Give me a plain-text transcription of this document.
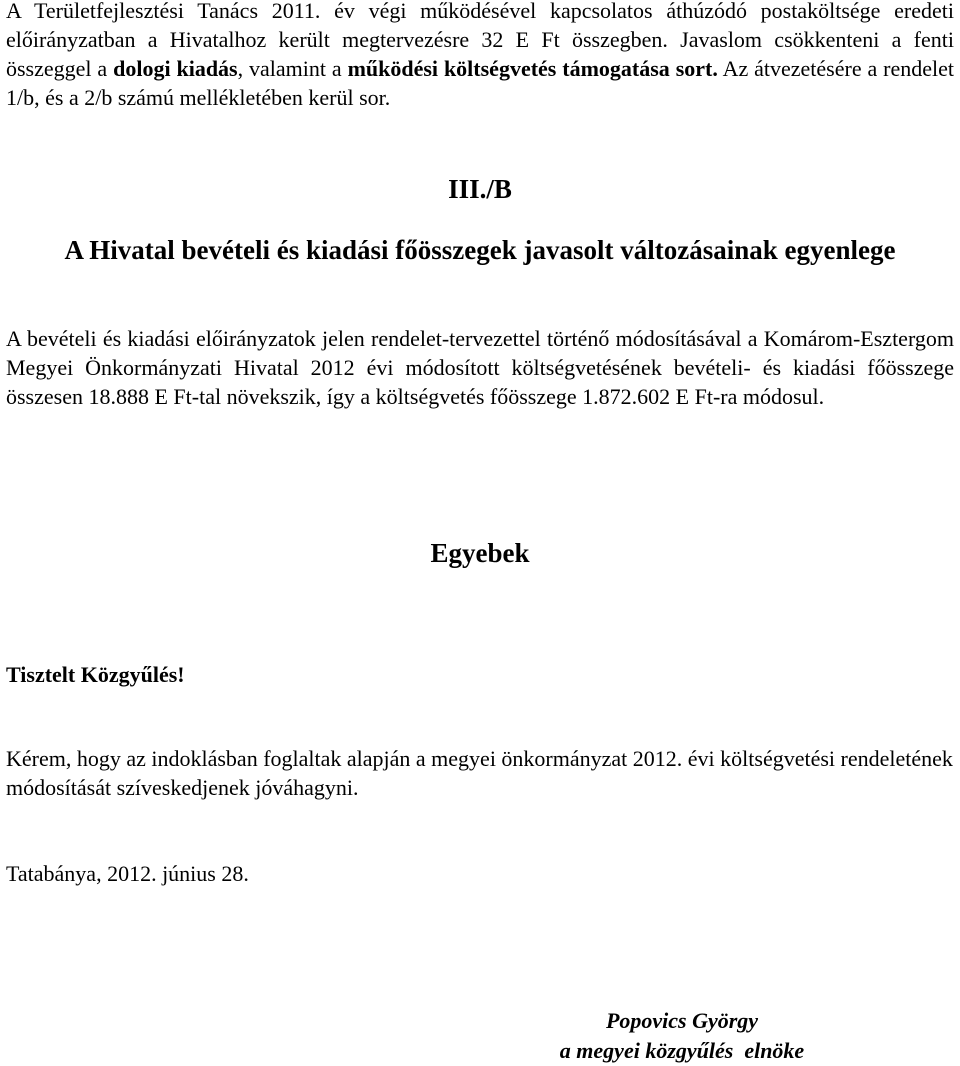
A Területfejlesztési Tanács 2011. év végi működésével kapcsolatos áthúzódó postaköltsége eredeti előirányzatban a Hivatalhoz került megtervezésre 32 E Ft összegben. Javaslom csökkenteni a fenti összeggel a dologi kiadás, valamint a működési költségvetés támogatása sort. Az átvezetésére a rendelet 1/b, és a 2/b számú mellékletében kerül sor.

III./B
A Hivatal bevételi és kiadási főösszegek javasolt változásainak egyenlege

A bevételi és kiadási előirányzatok jelen rendelet-tervezettel történő módosításával a Komárom-Esztergom Megyei Önkormányzati Hivatal 2012 évi módosított költségvetésének bevételi- és kiadási főösszege összesen 18.888 E Ft-tal növekszik, így a költségvetés főösszege 1.872.602 E Ft-ra módosul.

Egyebek

Tisztelt Közgyűlés!

Kérem, hogy az indoklásban foglaltak alapján a megyei önkormányzat 2012. évi költségvetési rendeletének módosítását szíveskedjenek jóváhagyni.

Tatabánya, 2012. június 28.

Popovics György
a megyei közgyűlés  elnöke
